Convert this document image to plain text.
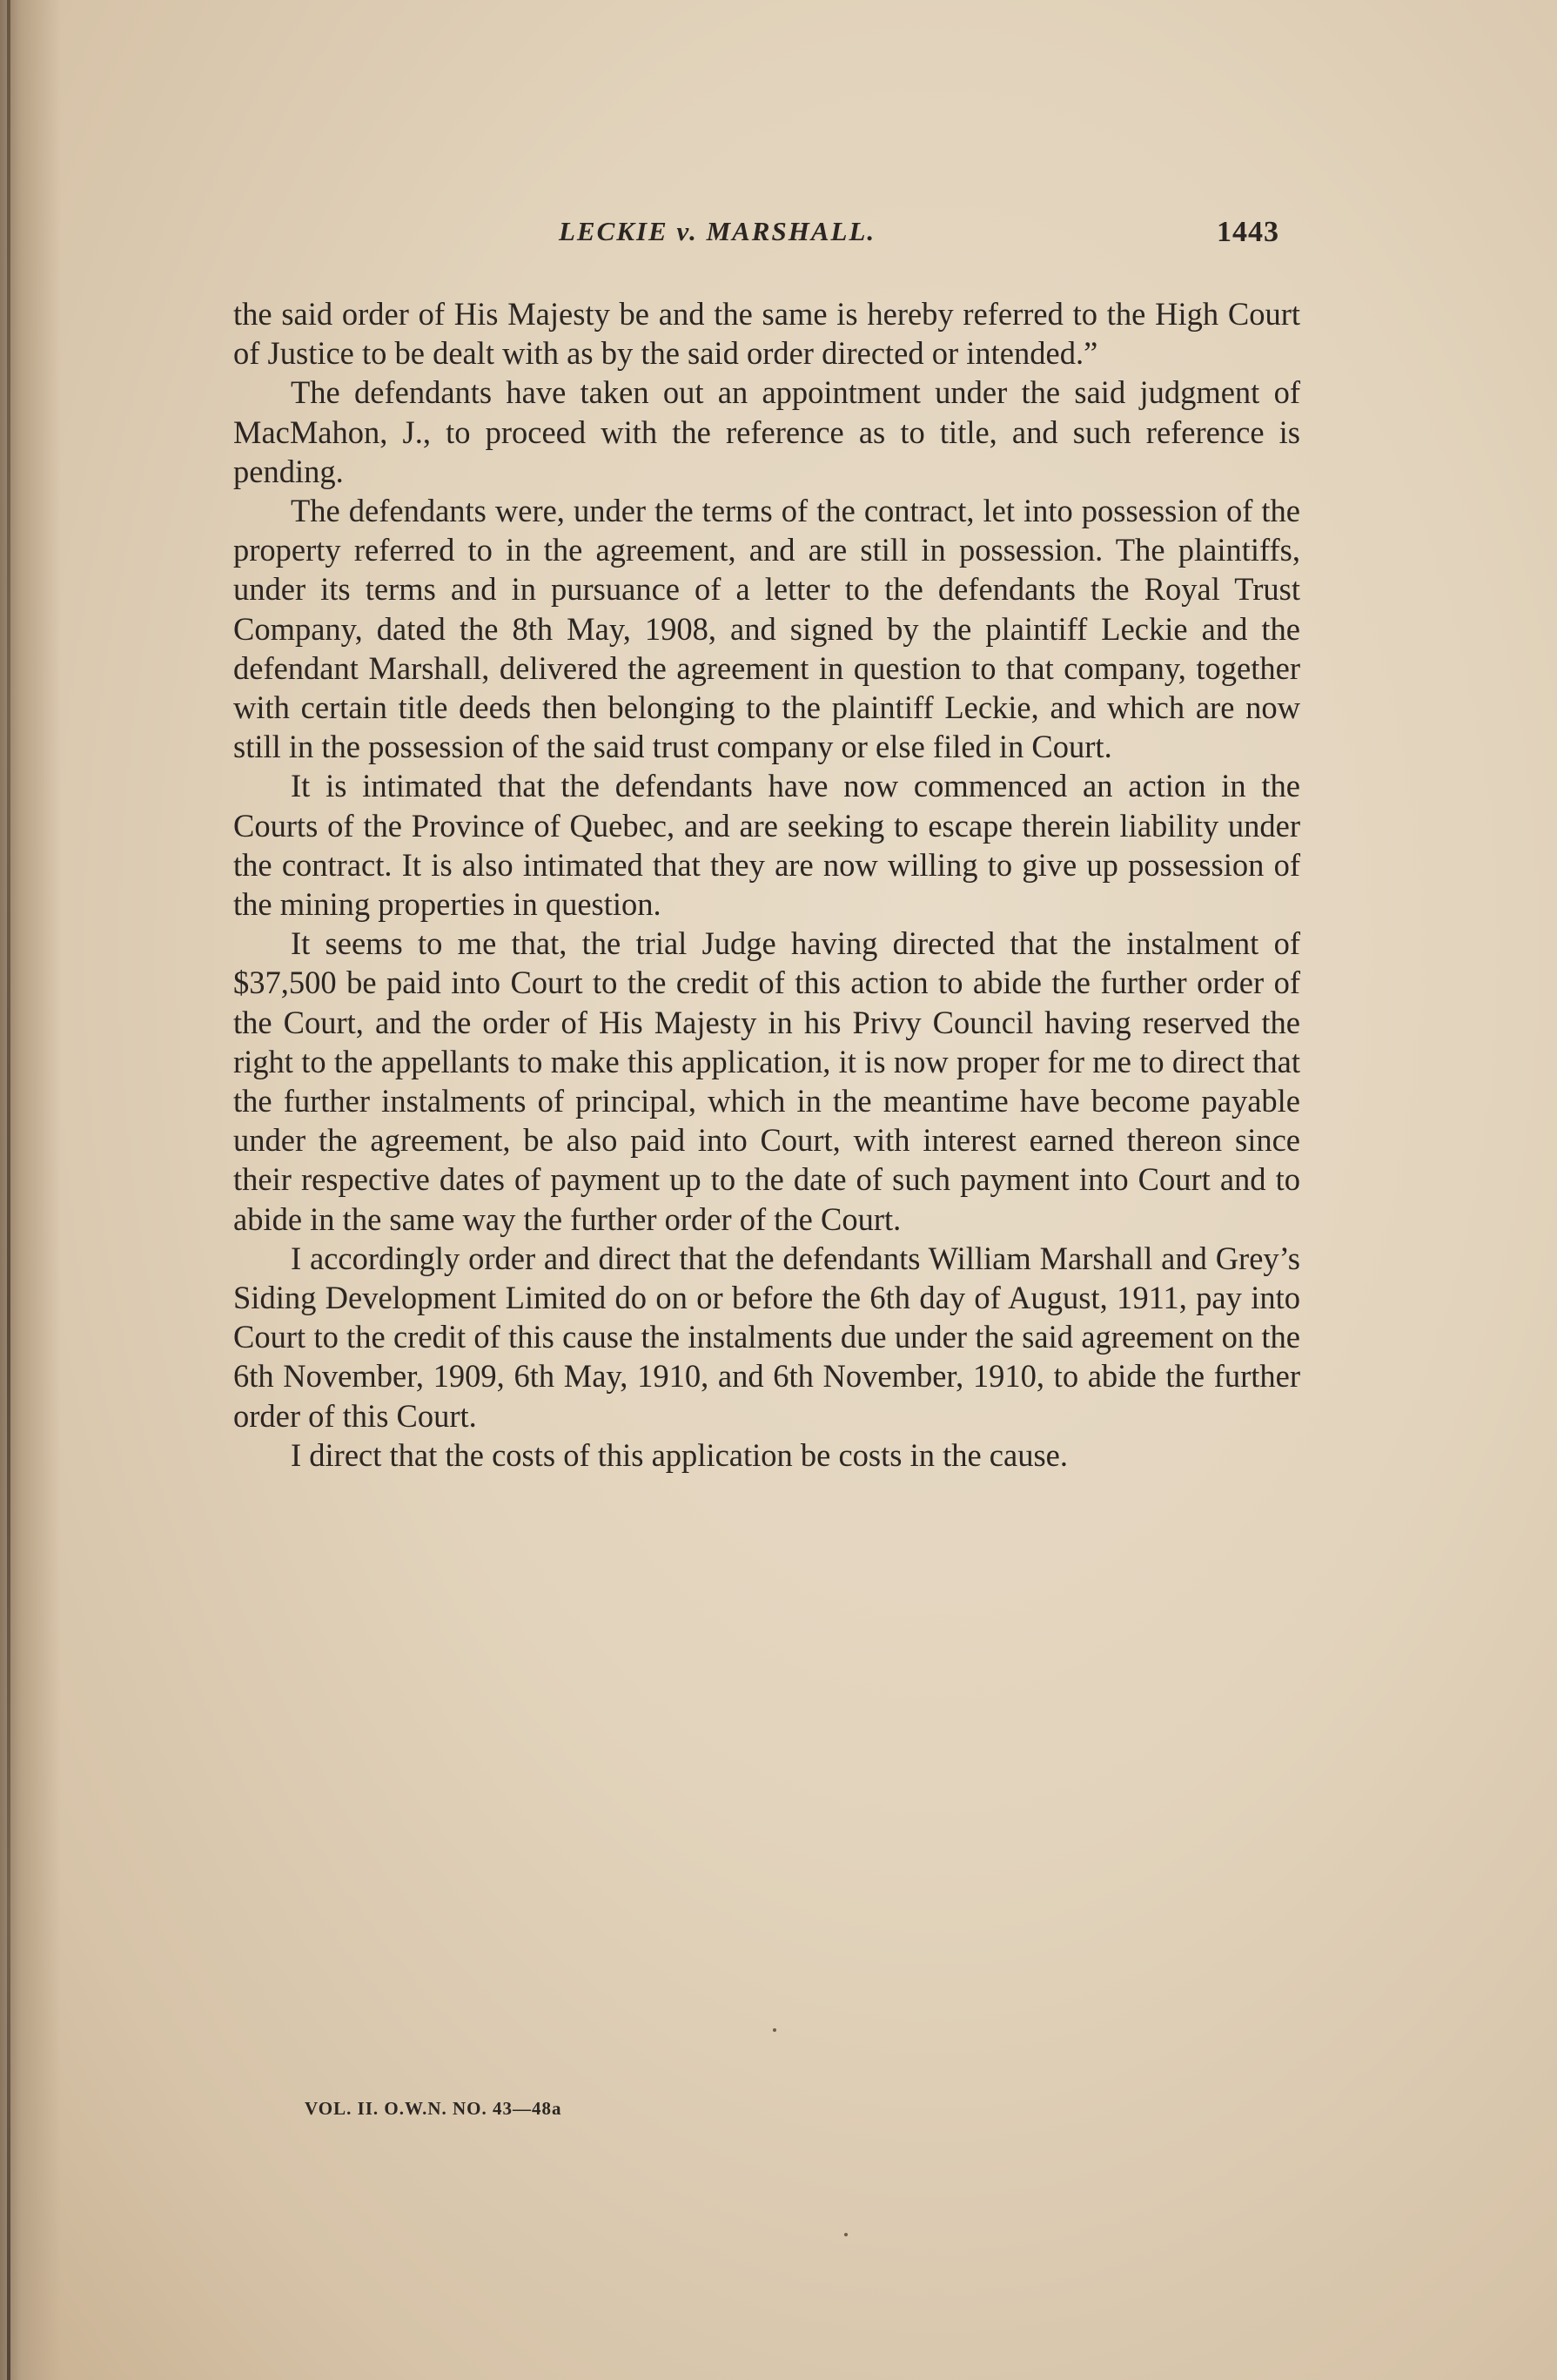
LECKIE v. MARSHALL.	1443

the said order of His Majesty be and the same is hereby referred to the High Court of Justice to be dealt with as by the said order directed or intended.”

The defendants have taken out an appointment under the said judgment of MacMahon, J., to proceed with the reference as to title, and such reference is pending.

The defendants were, under the terms of the contract, let into possession of the property referred to in the agreement, and are still in possession. The plaintiffs, under its terms and in pursuance of a letter to the defendants the Royal Trust Company, dated the 8th May, 1908, and signed by the plaintiff Leckie and the defendant Marshall, delivered the agreement in question to that company, together with certain title deeds then belonging to the plaintiff Leckie, and which are now still in the possession of the said trust company or else filed in Court.

It is intimated that the defendants have now commenced an action in the Courts of the Province of Quebec, and are seeking to escape therein liability under the contract. It is also intimated that they are now willing to give up possession of the mining properties in question.

It seems to me that, the trial Judge having directed that the instalment of $37,500 be paid into Court to the credit of this action to abide the further order of the Court, and the order of His Majesty in his Privy Council having reserved the right to the appellants to make this application, it is now proper for me to direct that the further instalments of principal, which in the meantime have become payable under the agreement, be also paid into Court, with interest earned thereon since their respective dates of payment up to the date of such payment into Court and to abide in the same way the further order of the Court.

I accordingly order and direct that the defendants William Marshall and Grey’s Siding Development Limited do on or before the 6th day of August, 1911, pay into Court to the credit of this cause the instalments due under the said agreement on the 6th November, 1909, 6th May, 1910, and 6th November, 1910, to abide the further order of this Court.

I direct that the costs of this application be costs in the cause.

VOL. II. O.W.N. NO. 43—48a
